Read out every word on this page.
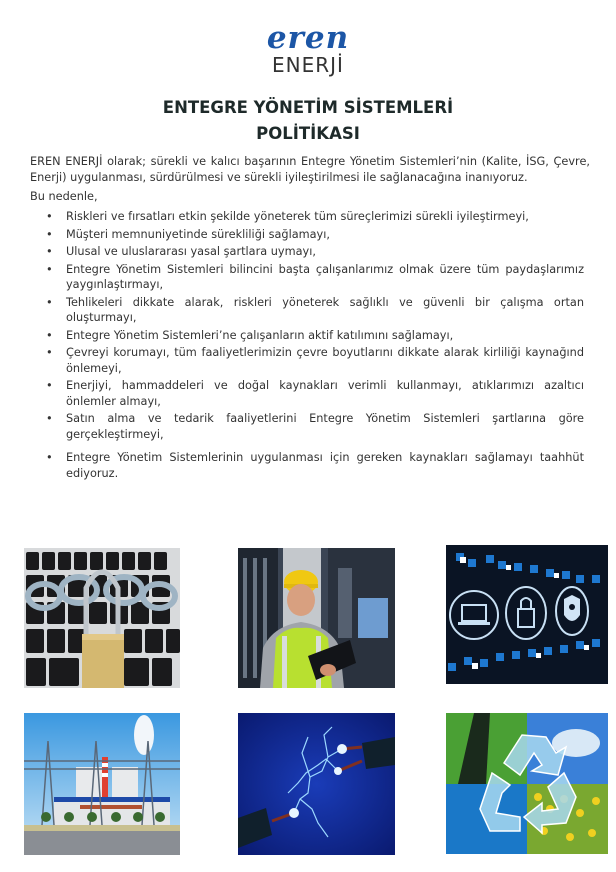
eren
ENERJİ
ENTEGRE YÖNETİM SİSTEMLERİ
POLİTİKASI
EREN ENERJİ olarak; sürekli ve kalıcı başarının Entegre Yönetim Sistemleri’nin (Kalite, İSG, Çevre, Enerji) uygulanması, sürdürülmesi ve sürekli iyileştirilmesi ile sağlanacağına inanıyoruz.
Bu nedenle,
• Riskleri ve fırsatları etkin şekilde yöneterek tüm süreçlerimizi sürekli iyileştirmeyi,
• Müşteri memnuniyetinde sürekliliği sağlamayı,
• Ulusal ve uluslararası yasal şartlara uymayı,
• Entegre Yönetim Sistemleri bilincini başta çalışanlarımız olmak üzere tüm paydaşlarımız yaygınlaştırmayı,
• Tehlikeleri dikkate alarak, riskleri yöneterek sağlıklı ve güvenli bir çalışma ortan oluşturmayı,
• Entegre Yönetim Sistemleri’ne çalışanların aktif katılımını sağlamayı,
• Çevreyi korumayı, tüm faaliyetlerimizin çevre boyutlarını dikkate alarak kirliliği kaynağınd önlemeyi,
• Enerjiyi, hammaddeleri ve doğal kaynakları verimli kullanmayı, atıklarımızı azaltıcı önlemler almayı,
• Satın alma ve tedarik faaliyetlerini Entegre Yönetim Sistemleri şartlarına göre gerçekleştirmeyi,
• Entegre Yönetim Sistemlerinin uygulanması için gereken kaynakları sağlamayı taahhüt ediyoruz.
